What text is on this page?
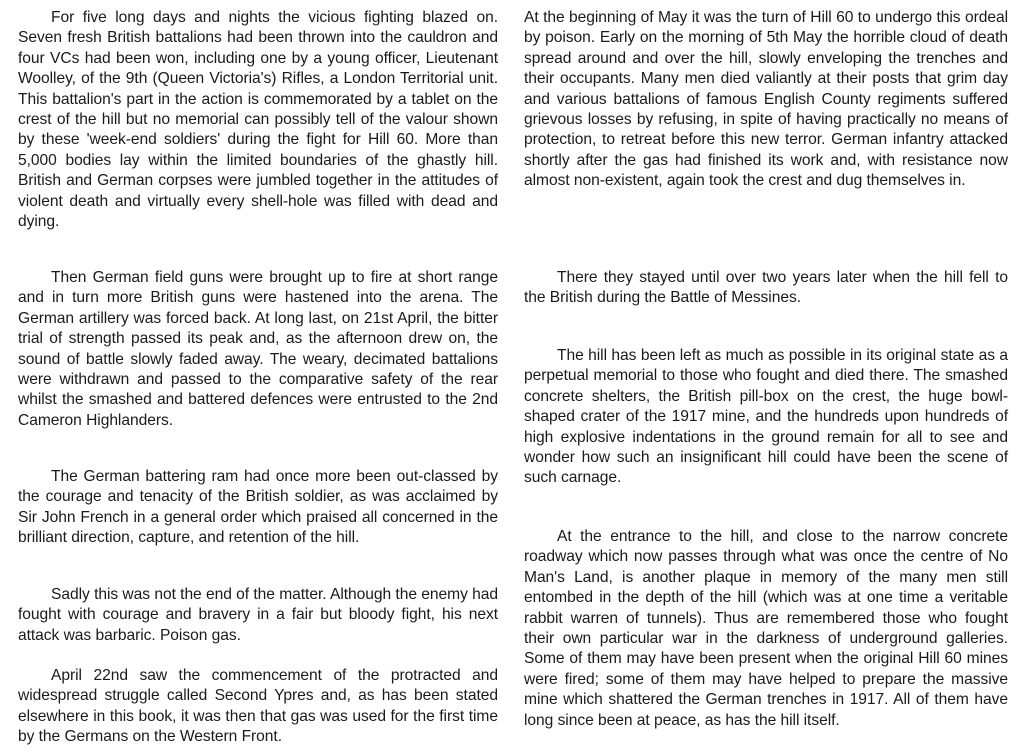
For five long days and nights the vicious fighting blazed on. Seven fresh British battalions had been thrown into the cauldron and four VCs had been won, including one by a young officer, Lieutenant Woolley, of the 9th (Queen Victoria's) Rifles, a London Territorial unit. This battalion's part in the action is commemorated by a tablet on the crest of the hill but no memorial can possibly tell of the valour shown by these 'week-end soldiers' during the fight for Hill 60. More than 5,000 bodies lay within the limited boundaries of the ghastly hill. British and German corpses were jumbled together in the attitudes of violent death and virtually every shell-hole was filled with dead and dying.

Then German field guns were brought up to fire at short range and in turn more British guns were hastened into the arena. The German artillery was forced back. At long last, on 21st April, the bitter trial of strength passed its peak and, as the afternoon drew on, the sound of battle slowly faded away. The weary, decimated battalions were withdrawn and passed to the comparative safety of the rear whilst the smashed and battered defences were entrusted to the 2nd Cameron Highlanders.

The German battering ram had once more been out-classed by the courage and tenacity of the British soldier, as was acclaimed by Sir John French in a general order which praised all concerned in the brilliant direction, capture, and retention of the hill.

Sadly this was not the end of the matter. Although the enemy had fought with courage and bravery in a fair but bloody fight, his next attack was barbaric. Poison gas.

April 22nd saw the commencement of the protracted and widespread struggle called Second Ypres and, as has been stated elsewhere in this book, it was then that gas was used for the first time by the Germans on the Western Front.

At the beginning of May it was the turn of Hill 60 to undergo this ordeal by poison. Early on the morning of 5th May the horrible cloud of death spread around and over the hill, slowly enveloping the trenches and their occupants. Many men died valiantly at their posts that grim day and various battalions of famous English County regiments suffered grievous losses by refusing, in spite of having practically no means of protection, to retreat before this new terror. German infantry attacked shortly after the gas had finished its work and, with resistance now almost non-existent, again took the crest and dug themselves in.

There they stayed until over two years later when the hill fell to the British during the Battle of Messines.

The hill has been left as much as possible in its original state as a perpetual memorial to those who fought and died there. The smashed concrete shelters, the British pill-box on the crest, the huge bowl-shaped crater of the 1917 mine, and the hundreds upon hundreds of high explosive indentations in the ground remain for all to see and wonder how such an insignificant hill could have been the scene of such carnage.

At the entrance to the hill, and close to the narrow concrete roadway which now passes through what was once the centre of No Man's Land, is another plaque in memory of the many men still entombed in the depth of the hill (which was at one time a veritable rabbit warren of tunnels). Thus are remembered those who fought their own particular war in the darkness of underground galleries. Some of them may have been present when the original Hill 60 mines were fired; some of them may have helped to prepare the massive mine which shattered the German trenches in 1917. All of them have long since been at peace, as has the hill itself.
